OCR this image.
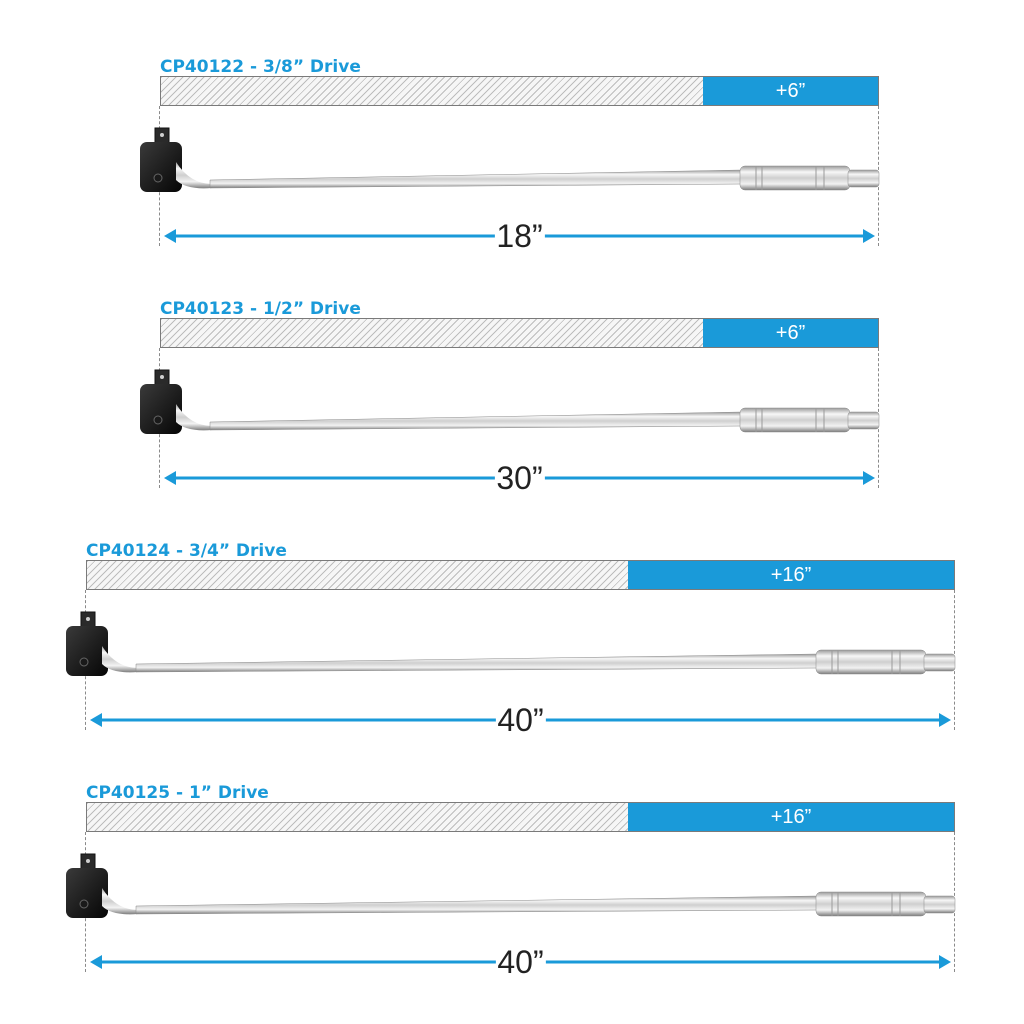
CP40122 - 3/8” Drive
+6”
18”
CP40123 - 1/2” Drive
+6”
30”
CP40124 - 3/4” Drive
+16”
40”
CP40125 - 1” Drive
+16”
40”
